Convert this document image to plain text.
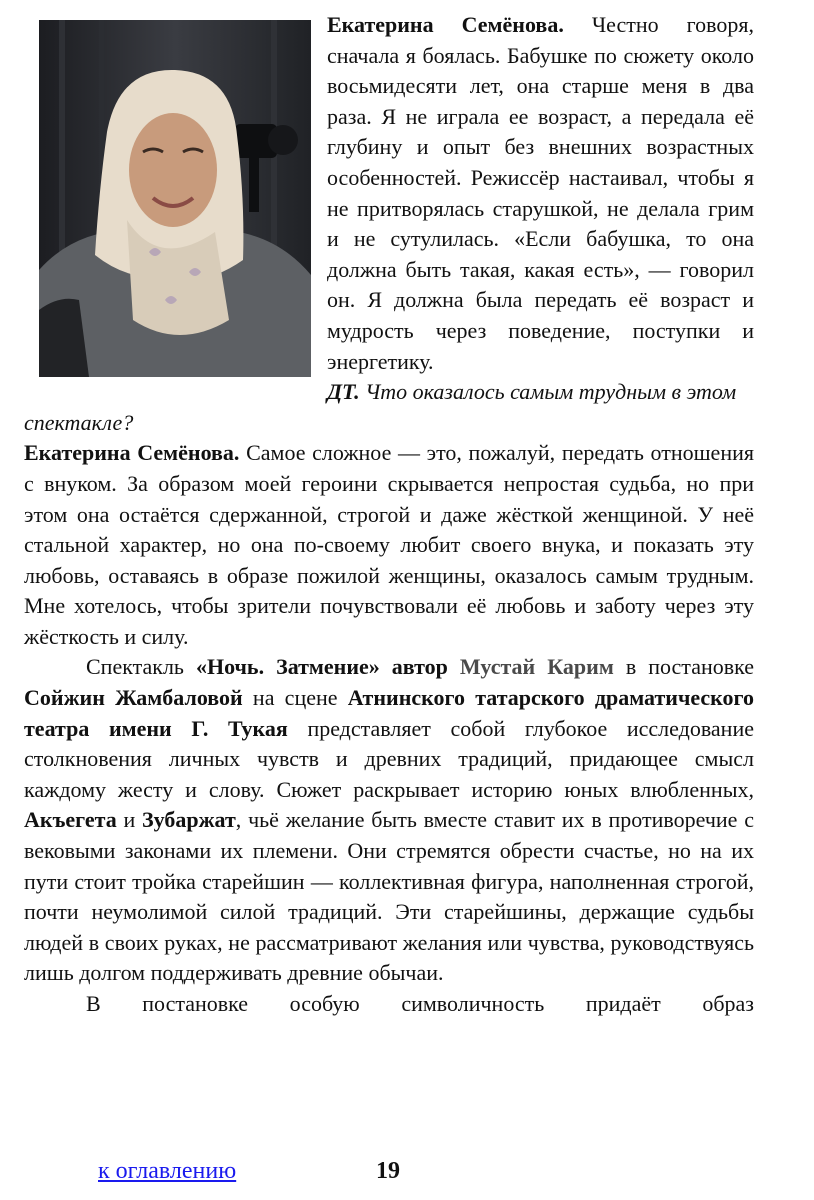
Екатерина Семёнова. Честно говоря, сначала я боялась. Бабушке по сюжету около восьмидесяти лет, она старше меня в два раза. Я не играла ее возраст, а передала её глубину и опыт без внешних возрастных особенностей. Режиссёр настаивал, чтобы я не притворялась старушкой, не делала грим и не сутулилась. «Если бабушка, то она должна быть такая, какая есть», — говорил он. Я должна была передать её возраст и мудрость через поведение, поступки и энергетику.

ДТ. Что оказалось самым трудным в этом спектакле?

Екатерина Семёнова. Самое сложное — это, пожалуй, передать отношения с внуком. За образом моей героини скрывается непростая судьба, но при этом она остаётся сдержанной, строгой и даже жёсткой женщиной. У неё стальной характер, но она по-своему любит своего внука, и показать эту любовь, оставаясь в образе пожилой женщины, оказалось самым трудным. Мне хотелось, чтобы зрители почувствовали её любовь и заботу через эту жёсткость и силу.

Спектакль «Ночь. Затмение» автор Мустай Карим в постановке Сойжин Жамбаловой на сцене Атнинского татарского драматического театра имени Г. Тукая представляет собой глубокое исследование столкновения личных чувств и древних традиций, придающее смысл каждому жесту и слову. Сюжет раскрывает историю юных влюбленных, Акъегета и Зубаржат, чьё желание быть вместе ставит их в противоречие с вековыми законами их племени. Они стремятся обрести счастье, но на их пути стоит тройка старейшин — коллективная фигура, наполненная строгой, почти неумолимой силой традиций. Эти старейшины, держащие судьбы людей в своих руках, не рассматривают желания или чувства, руководствуясь лишь долгом поддерживать древние обычаи.

В постановке особую символичность придаёт образ

к оглавлению	19
